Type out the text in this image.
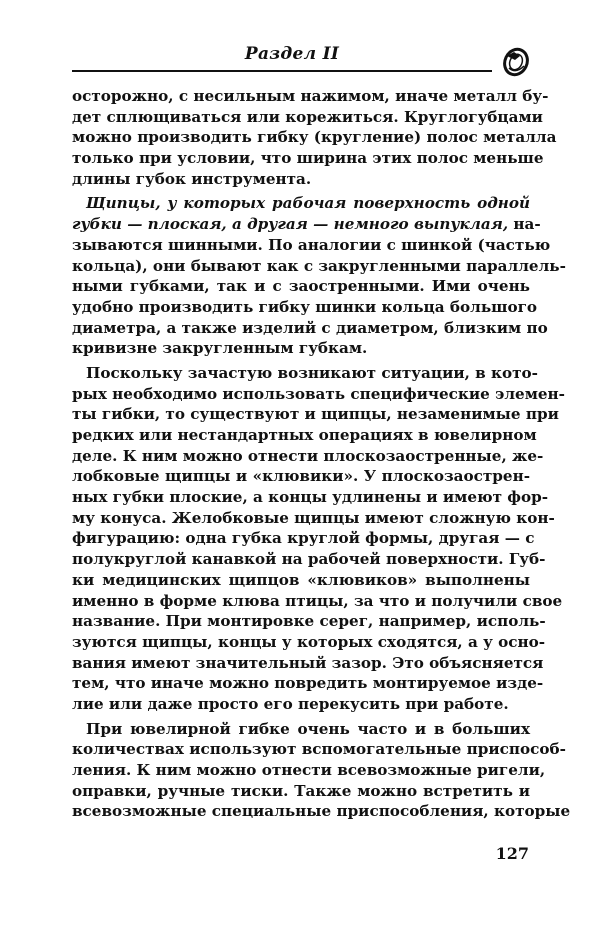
Раздел II
осторожно, с несильным нажимом, иначе металл бу-
дет сплющиваться или корежиться. Круглогубцами
можно производить гибку (кругление) полос металла
только при условии, что ширина этих полос меньше
длины губок инструмента.
Щипцы, у которых рабочая поверхность одной
губки — плоская, а другая — немного выпуклая, на-
зываются шинными. По аналогии с шинкой (частью
кольца), они бывают как с закругленными параллель-
ными губками, так и с заостренными. Ими очень
удобно производить гибку шинки кольца большого
диаметра, а также изделий с диаметром, близким по
кривизне закругленным губкам.
Поскольку зачастую возникают ситуации, в кото-
рых необходимо использовать специфические элемен-
ты гибки, то существуют и щипцы, незаменимые при
редких или нестандартных операциях в ювелирном
деле. К ним можно отнести плоскозаостренные, же-
лобковые щипцы и «клювики». У плоскозаострен-
ных губки плоские, а концы удлинены и имеют фор-
му конуса. Желобковые щипцы имеют сложную кон-
фигурацию: одна губка круглой формы, другая — с
полукруглой канавкой на рабочей поверхности. Губ-
ки медицинских щипцов «клювиков» выполнены
именно в форме клюва птицы, за что и получили свое
название. При монтировке серег, например, исполь-
зуются щипцы, концы у которых сходятся, а у осно-
вания имеют значительный зазор. Это объясняется
тем, что иначе можно повредить монтируемое изде-
лие или даже просто его перекусить при работе.
При ювелирной гибке очень часто и в больших
количествах используют вспомогательные приспособ-
ления. К ним можно отнести всевозможные ригели,
оправки, ручные тиски. Также можно встретить и
всевозможные специальные приспособления, которые
127
